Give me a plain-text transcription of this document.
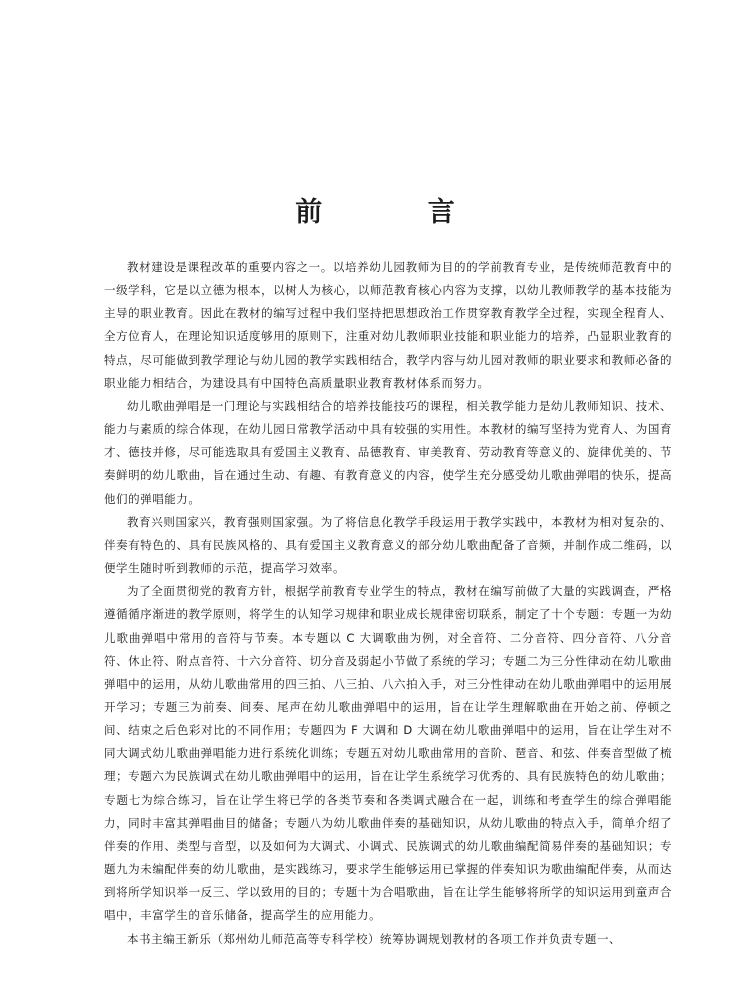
前 言

教材建设是课程改革的重要内容之一。以培养幼儿园教师为目的的学前教育专业，是传统师范教育中的一级学科，它是以立德为根本，以树人为核心，以师范教育核心内容为支撑，以幼儿教师教学的基本技能为主导的职业教育。因此在教材的编写过程中我们坚持把思想政治工作贯穿教育教学全过程，实现全程育人、全方位育人，在理论知识适度够用的原则下，注重对幼儿教师职业技能和职业能力的培养，凸显职业教育的特点，尽可能做到教学理论与幼儿园的教学实践相结合，教学内容与幼儿园对教师的职业要求和教师必备的职业能力相结合，为建设具有中国特色高质量职业教育教材体系而努力。

幼儿歌曲弹唱是一门理论与实践相结合的培养技能技巧的课程，相关教学能力是幼儿教师知识、技术、能力与素质的综合体现，在幼儿园日常教学活动中具有较强的实用性。本教材的编写坚持为党育人、为国育才、德技并修，尽可能选取具有爱国主义教育、品德教育、审美教育、劳动教育等意义的、旋律优美的、节奏鲜明的幼儿歌曲，旨在通过生动、有趣、有教育意义的内容，使学生充分感受幼儿歌曲弹唱的快乐，提高他们的弹唱能力。

教育兴则国家兴，教育强则国家强。为了将信息化教学手段运用于教学实践中，本教材为相对复杂的、伴奏有特色的、具有民族风格的、具有爱国主义教育意义的部分幼儿歌曲配备了音频，并制作成二维码，以便学生随时听到教师的示范，提高学习效率。

为了全面贯彻党的教育方针，根据学前教育专业学生的特点，教材在编写前做了大量的实践调查，严格遵循循序渐进的教学原则，将学生的认知学习规律和职业成长规律密切联系，制定了十个专题：专题一为幼儿歌曲弹唱中常用的音符与节奏。本专题以 C 大调歌曲为例，对全音符、二分音符、四分音符、八分音符、休止符、附点音符、十六分音符、切分音及弱起小节做了系统的学习；专题二为三分性律动在幼儿歌曲弹唱中的运用，从幼儿歌曲常用的四三拍、八三拍、八六拍入手，对三分性律动在幼儿歌曲弹唱中的运用展开学习；专题三为前奏、间奏、尾声在幼儿歌曲弹唱中的运用，旨在让学生理解歌曲在开始之前、停顿之间、结束之后色彩对比的不同作用；专题四为 F 大调和 D 大调在幼儿歌曲弹唱中的运用，旨在让学生对不同大调式幼儿歌曲弹唱能力进行系统化训练；专题五对幼儿歌曲常用的音阶、琶音、和弦、伴奏音型做了梳理；专题六为民族调式在幼儿歌曲弹唱中的运用，旨在让学生系统学习优秀的、具有民族特色的幼儿歌曲；专题七为综合练习，旨在让学生将已学的各类节奏和各类调式融合在一起，训练和考查学生的综合弹唱能力，同时丰富其弹唱曲目的储备；专题八为幼儿歌曲伴奏的基础知识，从幼儿歌曲的特点入手，简单介绍了伴奏的作用、类型与音型，以及如何为大调式、小调式、民族调式的幼儿歌曲编配简易伴奏的基础知识；专题九为未编配伴奏的幼儿歌曲，是实践练习，要求学生能够运用已掌握的伴奏知识为歌曲编配伴奏，从而达到将所学知识举一反三、学以致用的目的；专题十为合唱歌曲，旨在让学生能够将所学的知识运用到童声合唱中，丰富学生的音乐储备，提高学生的应用能力。

本书主编王新乐（郑州幼儿师范高等专科学校）统筹协调规划教材的各项工作并负责专题一、
